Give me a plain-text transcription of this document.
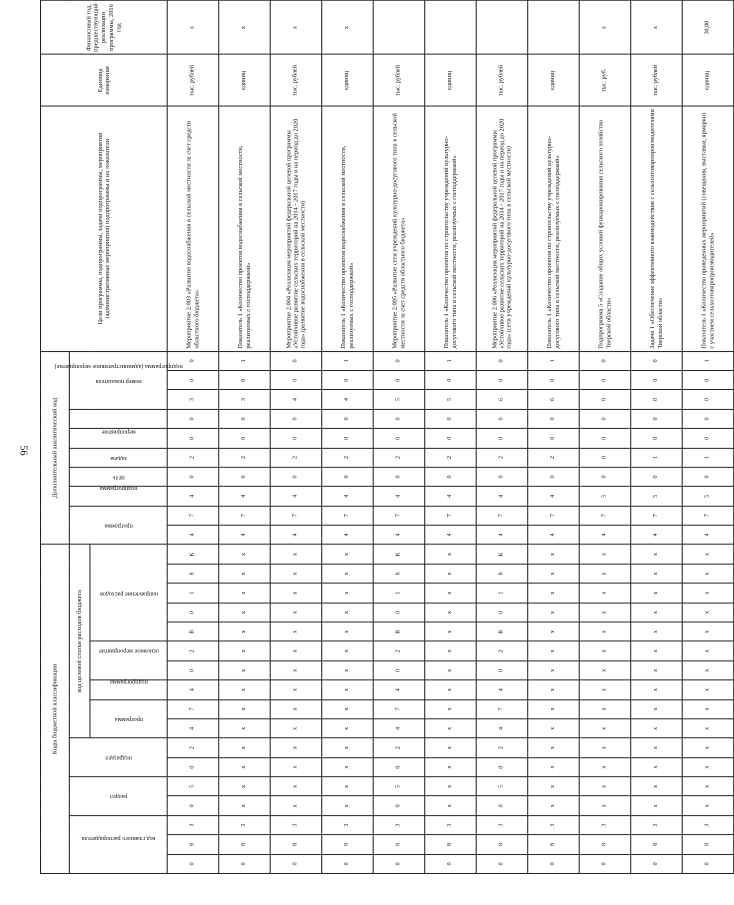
56
Коды бюджетной классификации																	Дополнительный аналитический код										Цели программы, подпрограммы, задачи подпрограммы, мероприятия (административные мероприятия) подпрограммы и их показатели	Единица измерения	Финансовый год, предшествующий реализации программы, 2016 год		
код главного распорядителя			раздел		подраздел		код целевой статьи расходов бюджета										программа		подпрограмма	цель	задача	мероприятие	подпрограмма (административное мероприятие)	номер показателя							
							программа		подпрограмма	основное мероприятие		направление расходов																								
0	8	3	0	5	0	2	4	7	4	0	2	R	0	1	8	К	4	7	4	0	2	0	0	3	0	0	Мероприятие 2.003 «Развитие водоснабжения в сельской местности за счет средств областного бюджета»	тыс. рублей	х							
0	8	3	х	х	х	х	х	х	х	х	х	х	х	х	х	х	4	7	4	0	2	0	0	3	0	1	Показатель 1 «Количество проектов водоснабжения в сельской местности, реализуемых с господдержкой»	единиц	х							
0	8	3	х	х	х	х	х	х	х	х	х	х	х	х	х	х	4	7	4	0	2	0	0	4	0	0	Мероприятие 2.004 «Реализация мероприятий федеральной целевой программы «Устойчивое развитие сельских территорий на 2014 - 2017 годы и на период до 2020 года» (развитие водоснабжения в сельской местности)	тыс. рублей	х							
0	8	3	х	х	х	х	х	х	х	х	х	х	х	х	х	х	4	7	4	0	2	0	0	4	0	1	Показатель 1 «Количество проектов водоснабжения в сельской местности, реализуемых с господдержкой»	единиц	х							
0	8	3	0	5	0	2	4	7	4	0	2	R	0	1	8	К	4	7	4	0	2	0	0	5	0	0	Мероприятие 2.005 «Развитие сети учреждений культурно-досугового типа в сельской местности за счет средств областного бюджета»	тыс. рублей								
0	8	3	х	х	х	х	х	х	х	х	х	х	х	х	х	х	4	7	4	0	2	0	0	5	0	1	Показатель 1 «Количество проектов по строительству учреждений культурно-досугового типа в сельской местности, реализуемых с господдержкой»	единиц								
0	8	3	0	5	0	2	4	7	4	0	2	R	0	1	8	К	4	7	4	0	2	0	0	6	0	0	Мероприятие 2.006 «Реализация мероприятий федеральной целевой программы «Устойчивое развитие сельских территорий на 2014 - 2017 годы и на период до 2020 года» (сети учреждений культурно-досугового типа в сельской местности)	тыс. рублей								
0	8	3	х	х	х	х	х	х	х	х	х	х	х	х	х	х	4	7	4	0	2	0	0	6	0	1	Показатель 1 «Количество проектов по строительству учреждений культурно-досугового типа в сельской местности, реализуемых с господдержкой»	единиц								
0	8	3	х	х	х	х	х	х	х	х	х	х	х	х	х	х	4	7	5	0	0	0	0	0	0	0	Подпрограмма 5 «Создание общих условий функционирования сельского хозяйства Тверской области»	тыс. руб.	х							
0	8	3	х	х	х	х	х	х	х	х	х	х	х	х	х	х	4	7	5	0	1	0	0	0	0	0	Задача 1 «Обеспечение эффективного взаимодействия с сельхозтоваропроизводителями Тверской области»	тыс. рублей	х							
0	8	3	х	х	х	х	х	х	х	х	х	х	х	х	х	х	4	7	5	0	1	0	0	0	0	1	Показатель 1 «Количество проведенных мероприятий (совещания, выставки, ярмарки) с участием сельхозтоваропроизводителей»	единиц	30,00							
